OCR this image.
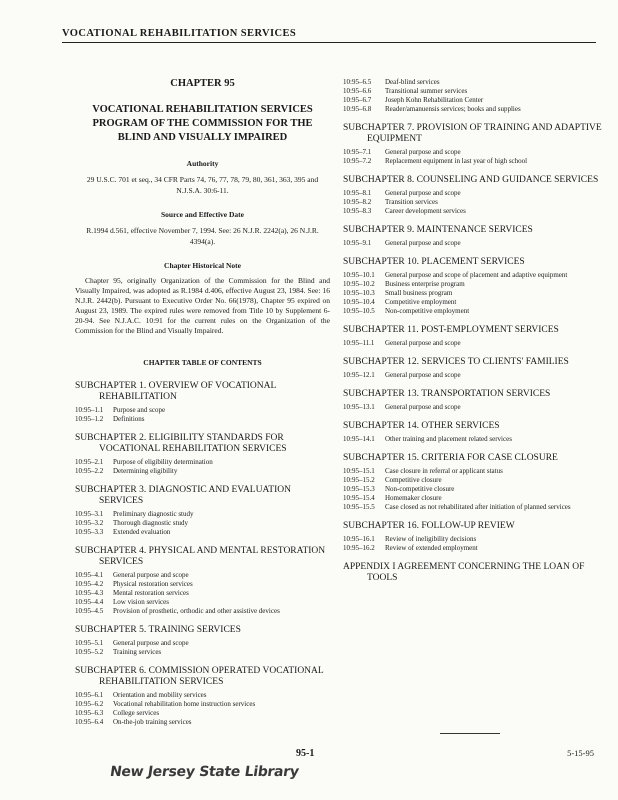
VOCATIONAL REHABILITATION SERVICES
CHAPTER 95
VOCATIONAL REHABILITATION SERVICES PROGRAM OF THE COMMISSION FOR THE BLIND AND VISUALLY IMPAIRED
Authority
29 U.S.C. 701 et seq., 34 CFR Parts 74, 76, 77, 78, 79, 80, 361, 363, 395 and N.J.S.A. 30:6-11.
Source and Effective Date
R.1994 d.561, effective November 7, 1994. See: 26 N.J.R. 2242(a), 26 N.J.R. 4394(a).
Chapter Historical Note
Chapter 95, originally Organization of the Commission for the Blind and Visually Impaired, was adopted as R.1984 d.406, effective August 23, 1984. See: 16 N.J.R. 2442(b). Pursuant to Executive Order No. 66(1978), Chapter 95 expired on August 23, 1989. The expired rules were removed from Title 10 by Supplement 6-20-94. See N.J.A.C. 10:91 for the current rules on the Organization of the Commission for the Blind and Visually Impaired.
CHAPTER TABLE OF CONTENTS
SUBCHAPTER 1. OVERVIEW OF VOCATIONAL REHABILITATION
10:95–1.1	Purpose and scope
10:95–1.2	Definitions
SUBCHAPTER 2. ELIGIBILITY STANDARDS FOR VOCATIONAL REHABILITATION SERVICES
10:95–2.1	Purpose of eligibility determination
10:95–2.2	Determining eligibility
SUBCHAPTER 3. DIAGNOSTIC AND EVALUATION SERVICES
10:95–3.1	Preliminary diagnostic study
10:95–3.2	Thorough diagnostic study
10:95–3.3	Extended evaluation
SUBCHAPTER 4. PHYSICAL AND MENTAL RESTORATION SERVICES
10:95–4.1	General purpose and scope
10:95–4.2	Physical restoration services
10:95–4.3	Mental restoration services
10:95–4.4	Low vision services
10:95–4.5	Provision of prosthetic, orthodic and other assistive devices
SUBCHAPTER 5. TRAINING SERVICES
10:95–5.1	General purpose and scope
10:95–5.2	Training services
SUBCHAPTER 6. COMMISSION OPERATED VOCATIONAL REHABILITATION SERVICES
10:95–6.1	Orientation and mobility services
10:95–6.2	Vocational rehabilitation home instruction services
10:95–6.3	College services
10:95–6.4	On-the-job training services
10:95–6.5	Deaf-blind services
10:95–6.6	Transitional summer services
10:95–6.7	Joseph Kohn Rehabilitation Center
10:95–6.8	Reader/amanuensis services; books and supplies
SUBCHAPTER 7. PROVISION OF TRAINING AND ADAPTIVE EQUIPMENT
10:95–7.1	General purpose and scope
10:95–7.2	Replacement equipment in last year of high school
SUBCHAPTER 8. COUNSELING AND GUIDANCE SERVICES
10:95–8.1	General purpose and scope
10:95–8.2	Transition services
10:95–8.3	Career development services
SUBCHAPTER 9. MAINTENANCE SERVICES
10:95–9.1	General purpose and scope
SUBCHAPTER 10. PLACEMENT SERVICES
10:95–10.1	General purpose and scope of placement and adaptive equipment
10:95–10.2	Business enterprise program
10:95–10.3	Small business program
10:95–10.4	Competitive employment
10:95–10.5	Non-competitive employment
SUBCHAPTER 11. POST-EMPLOYMENT SERVICES
10:95–11.1	General purpose and scope
SUBCHAPTER 12. SERVICES TO CLIENTS' FAMILIES
10:95–12.1	General purpose and scope
SUBCHAPTER 13. TRANSPORTATION SERVICES
10:95–13.1	General purpose and scope
SUBCHAPTER 14. OTHER SERVICES
10:95–14.1	Other training and placement related services
SUBCHAPTER 15. CRITERIA FOR CASE CLOSURE
10:95–15.1	Case closure in referral or applicant status
10:95–15.2	Competitive closure
10:95–15.3	Non-competitive closure
10:95–15.4	Homemaker closure
10:95–15.5	Case closed as not rehabilitated after initiation of planned services
SUBCHAPTER 16. FOLLOW-UP REVIEW
10:95–16.1	Review of ineligibility decisions
10:95–16.2	Review of extended employment
APPENDIX I AGREEMENT CONCERNING THE LOAN OF TOOLS
95-1	5-15-95
New Jersey State Library
